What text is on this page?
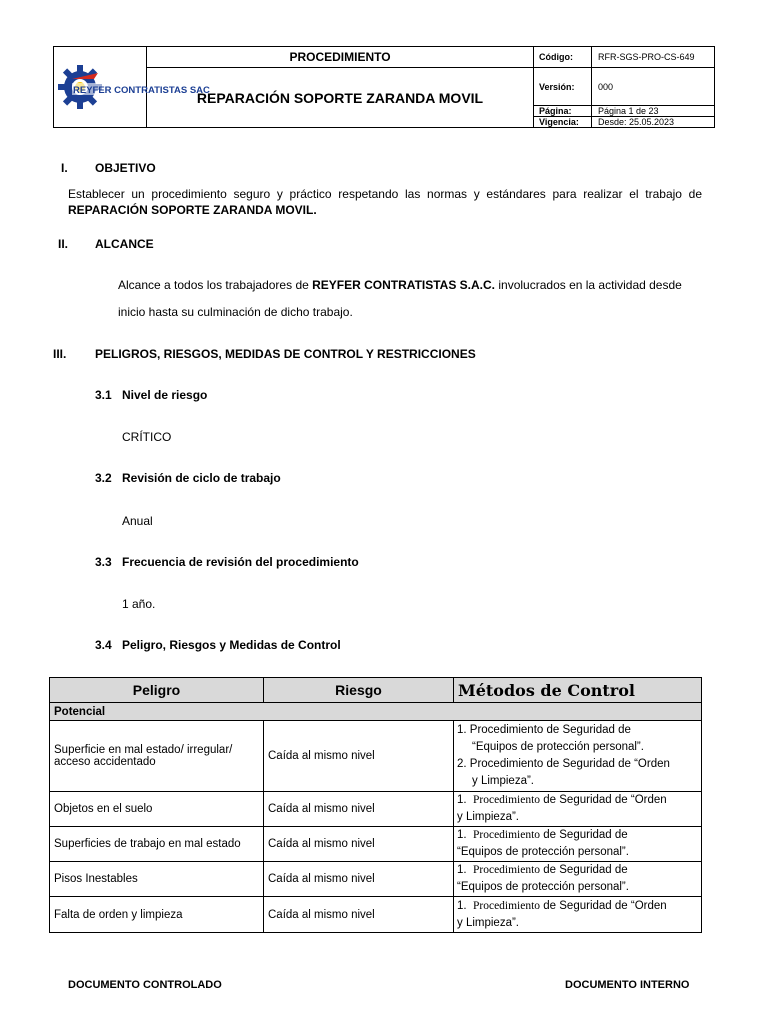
REYFER CONTRATISTAS SAC	PROCEDIMIENTO	Código:	RFR-SGS-PRO-CS-649
	REPARACIÓN SOPORTE ZARANDA MOVIL	Versión:	000
		Página:	Página 1 de 23
		Vigencia:	Desde: 25.05.2023
I. OBJETIVO
Establecer un procedimiento seguro y práctico respetando las normas y estándares para realizar el trabajo de REPARACIÓN SOPORTE ZARANDA MOVIL.
II. ALCANCE
Alcance a todos los trabajadores de REYFER CONTRATISTAS S.A.C. involucrados en la actividad desde
inicio hasta su culminación de dicho trabajo.
III. PELIGROS, RIESGOS, MEDIDAS DE CONTROL Y RESTRICCIONES
3.1 Nivel de riesgo
CRÍTICO
3.2 Revisión de ciclo de trabajo
Anual
3.3 Frecuencia de revisión del procedimiento
1 año.
3.4 Peligro, Riesgos y Medidas de Control
Peligro	Riesgo	Métodos de Control
Potencial		

Superficie en mal estado/ irregular/
acceso accidentado	Caída al mismo nivel	1. Procedimiento de Seguridad de
“Equipos de protección personal”.
2. Procedimiento de Seguridad de “Orden
y Limpieza”.

Objetos en el suelo	Caída al mismo nivel	1. Procedimiento de Seguridad de “Orden
y Limpieza”.

Superficies de trabajo en mal estado	Caída al mismo nivel	1. Procedimiento de Seguridad de
“Equipos de protección personal”.

Pisos Inestables	Caída al mismo nivel	1. Procedimiento de Seguridad de
“Equipos de protección personal”.

Falta de orden y limpieza	Caída al mismo nivel	1. Procedimiento de Seguridad de “Orden
y Limpieza”.
DOCUMENTO CONTROLADO	DOCUMENTO INTERNO
